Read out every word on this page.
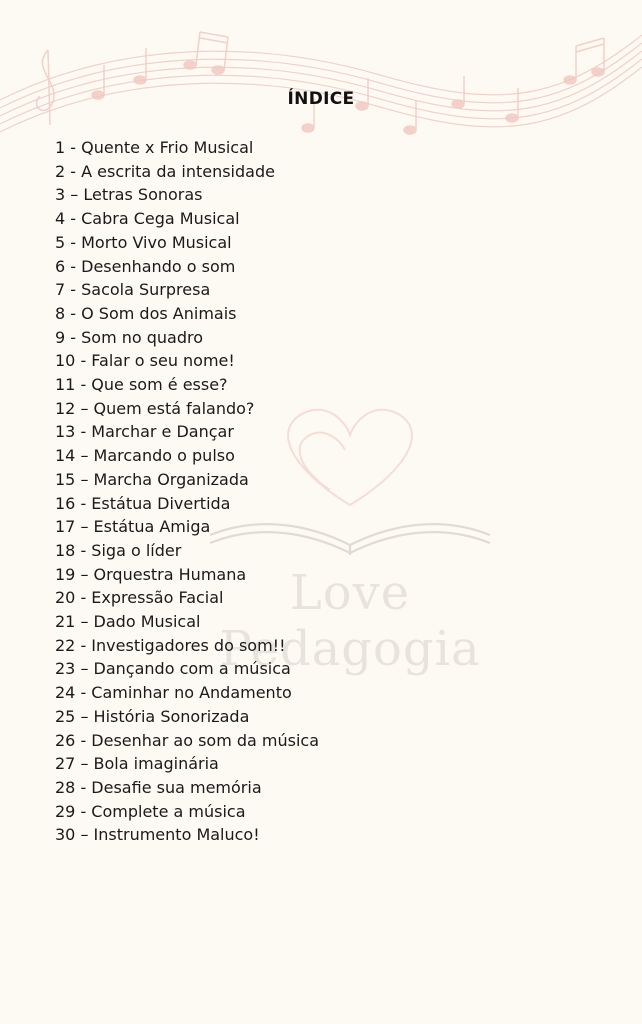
Love Pedagogia
ÍNDICE
1 - Quente x Frio Musical
2 - A escrita da intensidade
3 – Letras Sonoras
4 - Cabra Cega Musical
5 - Morto Vivo Musical
6 - Desenhando o som
7 - Sacola Surpresa
8 - O Som dos Animais
9 - Som no quadro
10 - Falar o seu nome!
11 - Que som é esse?
12 – Quem está falando?
13 - Marchar e Dançar
14 – Marcando o pulso
15 – Marcha Organizada
16 - Estátua Divertida
17 – Estátua Amiga
18 - Siga o líder
19 – Orquestra Humana
20 - Expressão Facial
21 – Dado Musical
22 - Investigadores do som!!
23 – Dançando com a música
24 - Caminhar no Andamento
25 – História Sonorizada
26 - Desenhar ao som da música
27 – Bola imaginária
28 - Desafie sua memória
29 - Complete a música
30 – Instrumento Maluco!
